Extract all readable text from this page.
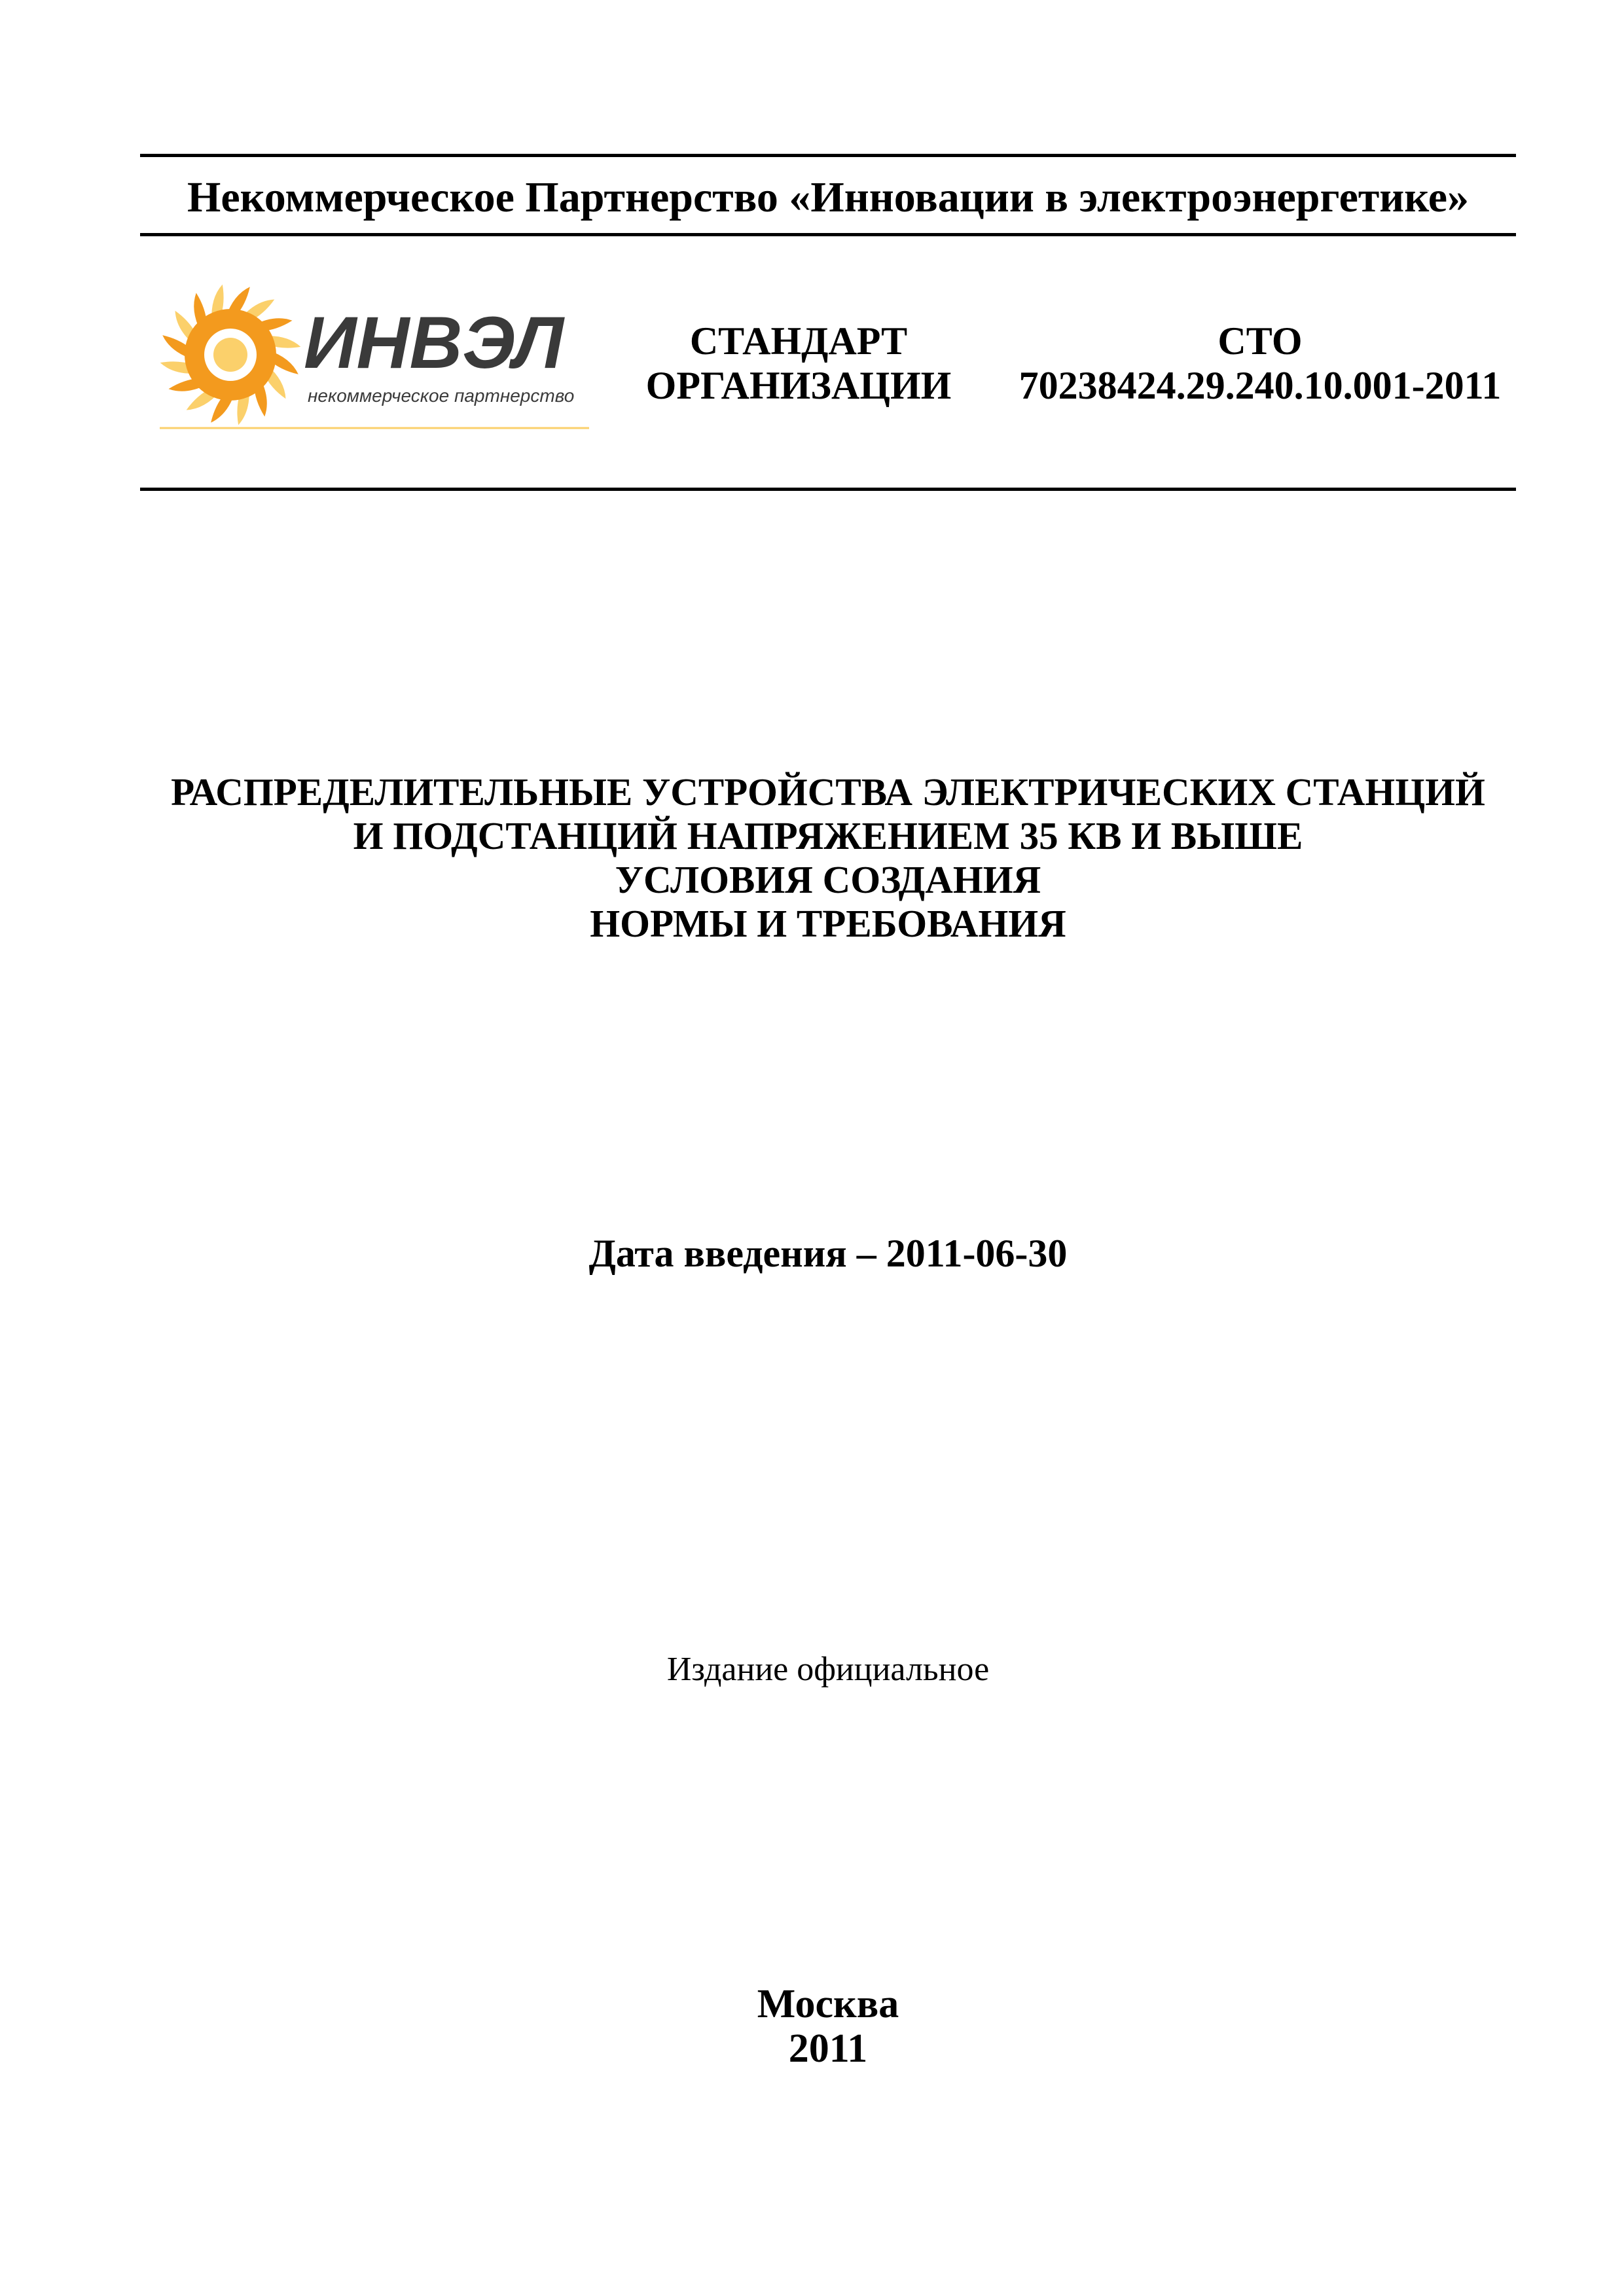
Некоммерческое Партнерство «Инновации в электроэнергетике»
ИНВЭЛ
некоммерческое партнерство
СТАНДАРТ
ОРГАНИЗАЦИИ
СТО
70238424.29.240.10.001-2011
РАСПРЕДЕЛИТЕЛЬНЫЕ УСТРОЙСТВА ЭЛЕКТРИЧЕСКИХ СТАНЦИЙ
И ПОДСТАНЦИЙ НАПРЯЖЕНИЕМ 35 КВ И ВЫШЕ
УСЛОВИЯ СОЗДАНИЯ
НОРМЫ И ТРЕБОВАНИЯ
Дата введения – 2011-06-30
Издание официальное
Москва
2011
